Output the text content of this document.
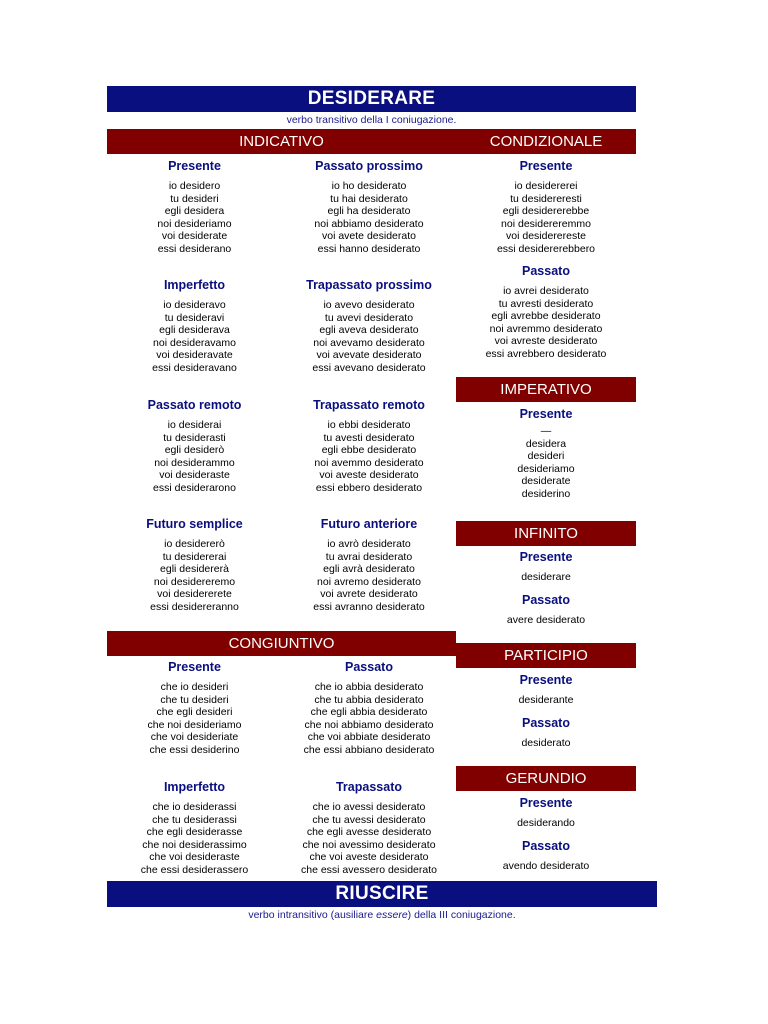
DESIDERARE
verbo transitivo della I coniugazione.
INDICATIVO	CONDIZIONALE
Presente
io desidero
tu desideri
egli desidera
noi desideriamo
voi desiderate
essi desiderano
Passato prossimo
io ho desiderato
tu hai desiderato
egli ha desiderato
noi abbiamo desiderato
voi avete desiderato
essi hanno desiderato
Imperfetto
io desideravo
tu desideravi
egli desiderava
noi desideravamo
voi desideravate
essi desideravano
Trapassato prossimo
io avevo desiderato
tu avevi desiderato
egli aveva desiderato
noi avevamo desiderato
voi avevate desiderato
essi avevano desiderato
Passato remoto
io desiderai
tu desiderasti
egli desiderò
noi desiderammo
voi desideraste
essi desiderarono
Trapassato remoto
io ebbi desiderato
tu avesti desiderato
egli ebbe desiderato
noi avemmo desiderato
voi aveste desiderato
essi ebbero desiderato
Futuro semplice
io desidererò
tu desidererai
egli desidererà
noi desidereremo
voi desidererete
essi desidereranno
Futuro anteriore
io avrò desiderato
tu avrai desiderato
egli avrà desiderato
noi avremo desiderato
voi avrete desiderato
essi avranno desiderato
Presente
io desidererei
tu desidereresti
egli desidererebbe
noi desidereremmo
voi desiderereste
essi desidererebbero
Passato
io avrei desiderato
tu avresti desiderato
egli avrebbe desiderato
noi avremmo desiderato
voi avreste desiderato
essi avrebbero desiderato
IMPERATIVO
Presente
—
desidera
desideri
desideriamo
desiderate
desiderino
INFINITO
Presente
desiderare
Passato
avere desiderato
CONGIUNTIVO
Presente
che io desideri
che tu desideri
che egli desideri
che noi desideriamo
che voi desideriate
che essi desiderino
Passato
che io abbia desiderato
che tu abbia desiderato
che egli abbia desiderato
che noi abbiamo desiderato
che voi abbiate desiderato
che essi abbiano desiderato
Imperfetto
che io desiderassi
che tu desiderassi
che egli desiderasse
che noi desiderassimo
che voi desideraste
che essi desiderassero
Trapassato
che io avessi desiderato
che tu avessi desiderato
che egli avesse desiderato
che noi avessimo desiderato
che voi aveste desiderato
che essi avessero desiderato
PARTICIPIO
Presente
desiderante
Passato
desiderato
GERUNDIO
Presente
desiderando
Passato
avendo desiderato
RIUSCIRE
verbo intransitivo (ausiliare essere) della III coniugazione.
